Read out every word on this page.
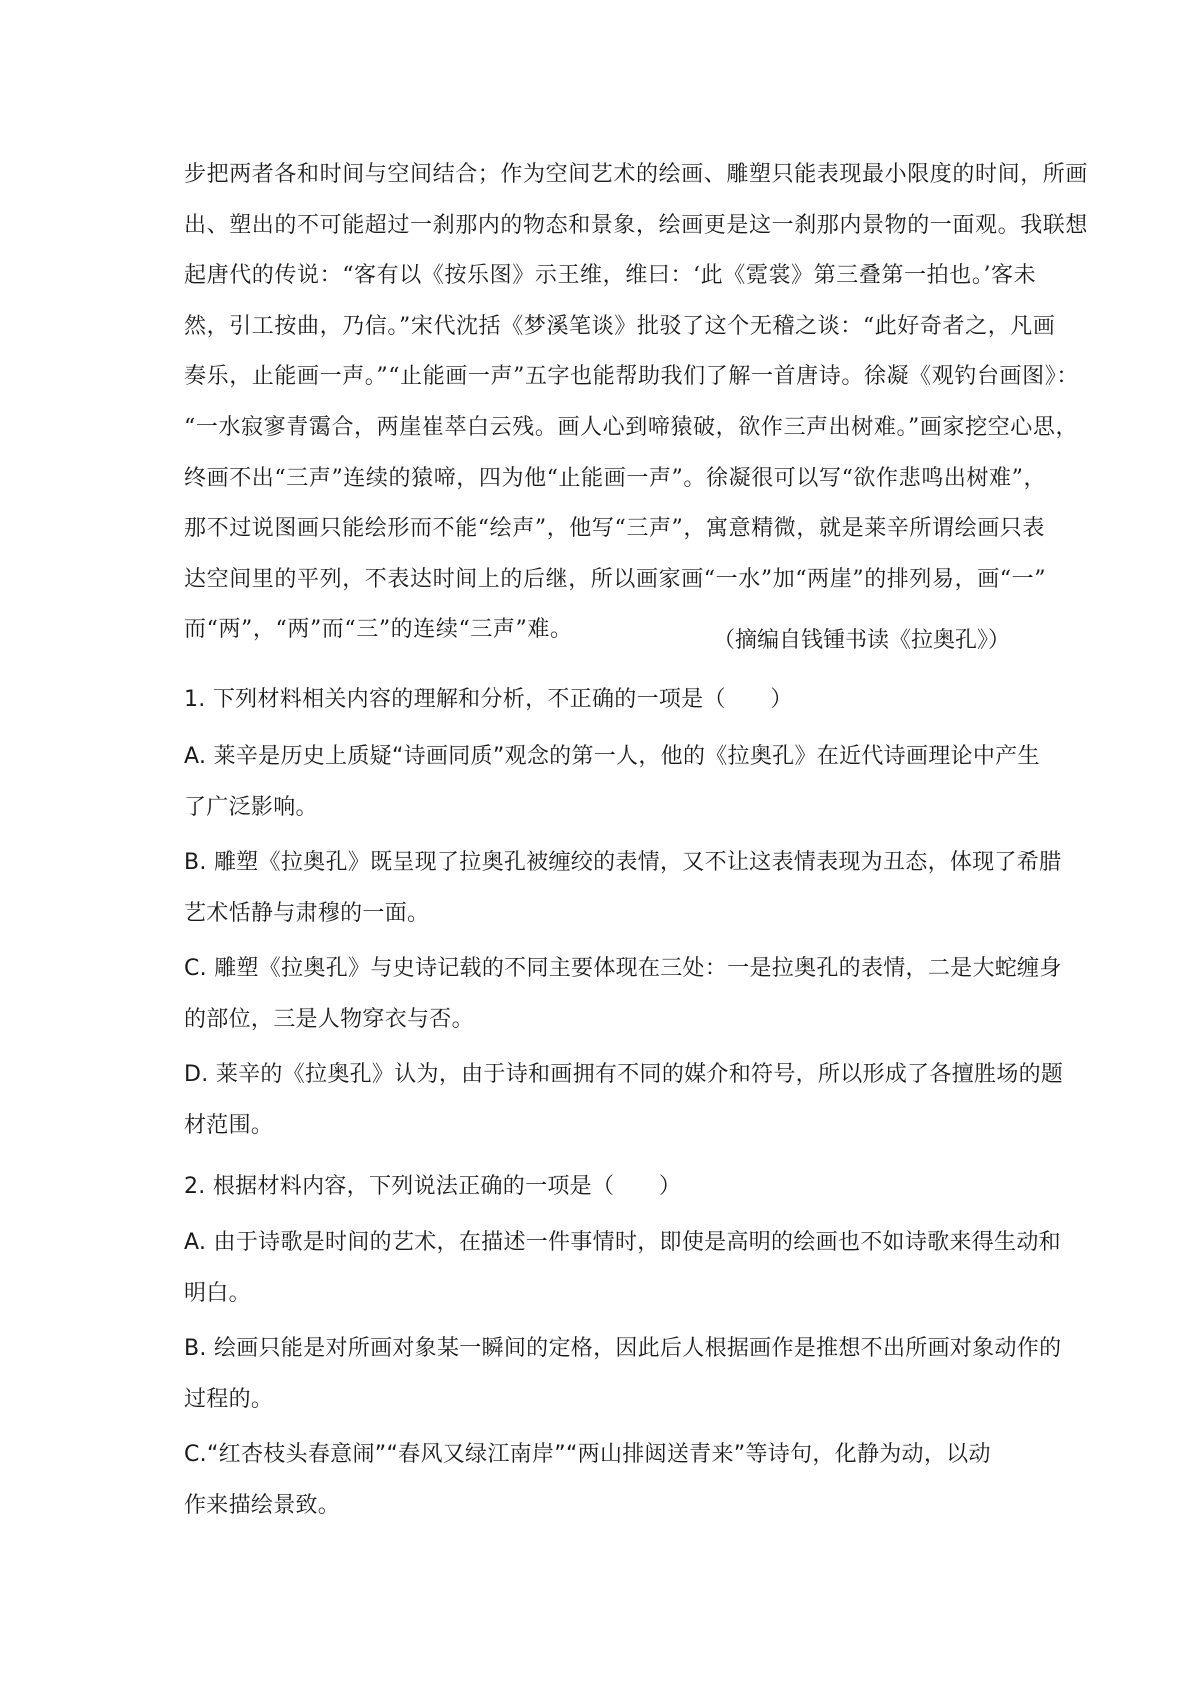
步把两者各和时间与空间结合；作为空间艺术的绘画、雕塑只能表现最小限度的时间，所画
出、塑出的不可能超过一刹那内的物态和景象，绘画更是这一刹那内景物的一面观。我联想
起唐代的传说：“客有以《按乐图》示王维，维曰：‘此《霓裳》第三叠第一拍也。’客未
然，引工按曲，乃信。”宋代沈括《梦溪笔谈》批驳了这个无稽之谈：“此好奇者之，凡画
奏乐，止能画一声。”“止能画一声”五字也能帮助我们了解一首唐诗。徐凝《观钓台画图》：
“一水寂寥青霭合，两崖崔萃白云残。画人心到啼猿破，欲作三声出树难。”画家挖空心思，
终画不出“三声”连续的猿啼，四为他“止能画一声”。徐凝很可以写“欲作悲鸣出树难”，
那不过说图画只能绘形而不能“绘声”，他写“三声”，寓意精微，就是莱辛所谓绘画只表
达空间里的平列，不表达时间上的后继，所以画家画“一水”加“两崖”的排列易，画“一”
而“两”，“两”而“三”的连续“三声”难。	（摘编自钱锺书读《拉奥孔》）
1. 下列材料相关内容的理解和分析，不正确的一项是（　　）
A. 莱辛是历史上质疑“诗画同质”观念的第一人，他的《拉奥孔》在近代诗画理论中产生
了广泛影响。
B. 雕塑《拉奥孔》既呈现了拉奥孔被缠绞的表情，又不让这表情表现为丑态，体现了希腊
艺术恬静与肃穆的一面。
C. 雕塑《拉奥孔》与史诗记载的不同主要体现在三处：一是拉奥孔的表情，二是大蛇缠身
的部位，三是人物穿衣与否。
D. 莱辛的《拉奥孔》认为，由于诗和画拥有不同的媒介和符号，所以形成了各擅胜场的题
材范围。
2. 根据材料内容，下列说法正确的一项是（　　）
A. 由于诗歌是时间的艺术，在描述一件事情时，即使是高明的绘画也不如诗歌来得生动和
明白。
B. 绘画只能是对所画对象某一瞬间的定格，因此后人根据画作是推想不出所画对象动作的
过程的。
C.“红杏枝头春意闹”“春风又绿江南岸”“两山排闼送青来”等诗句，化静为动，以动
作来描绘景致。
